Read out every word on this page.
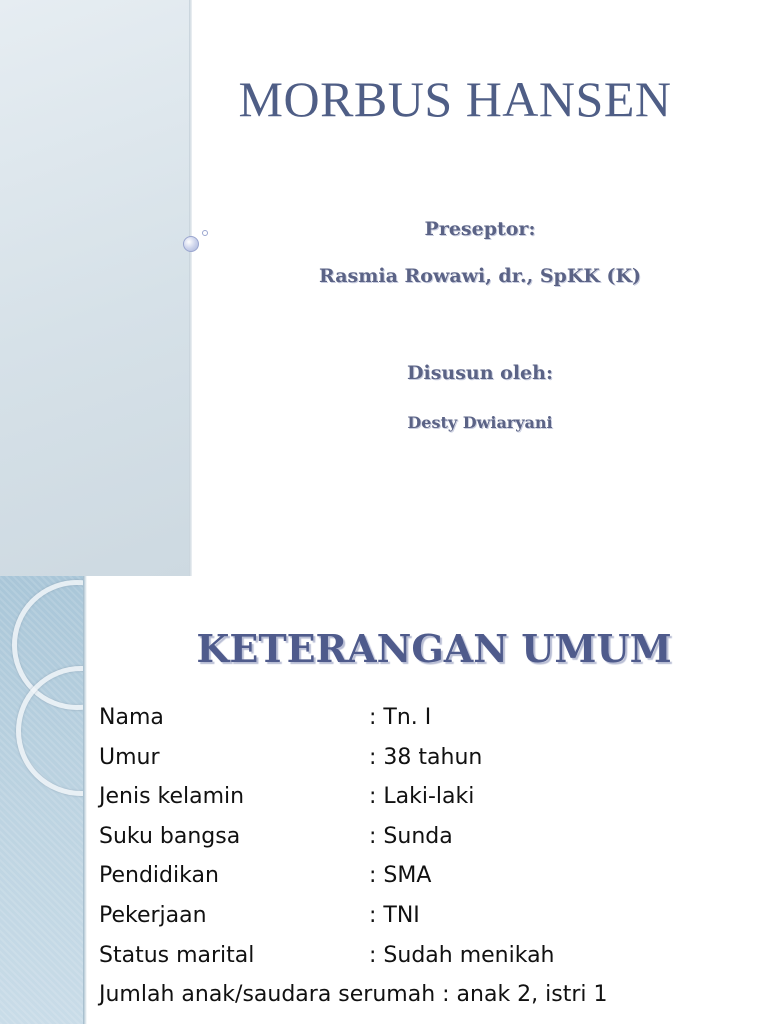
MORBUS HANSEN
Preseptor:
Rasmia Rowawi, dr., SpKK (K)
Disusun oleh:
Desty Dwiaryani
KETERANGAN UMUM
Nama	: Tn. I
Umur	: 38 tahun
Jenis kelamin	: Laki-laki
Suku bangsa	: Sunda
Pendidikan	: SMA
Pekerjaan	: TNI
Status marital	: Sudah menikah
Jumlah anak/saudara serumah : anak 2, istri 1
